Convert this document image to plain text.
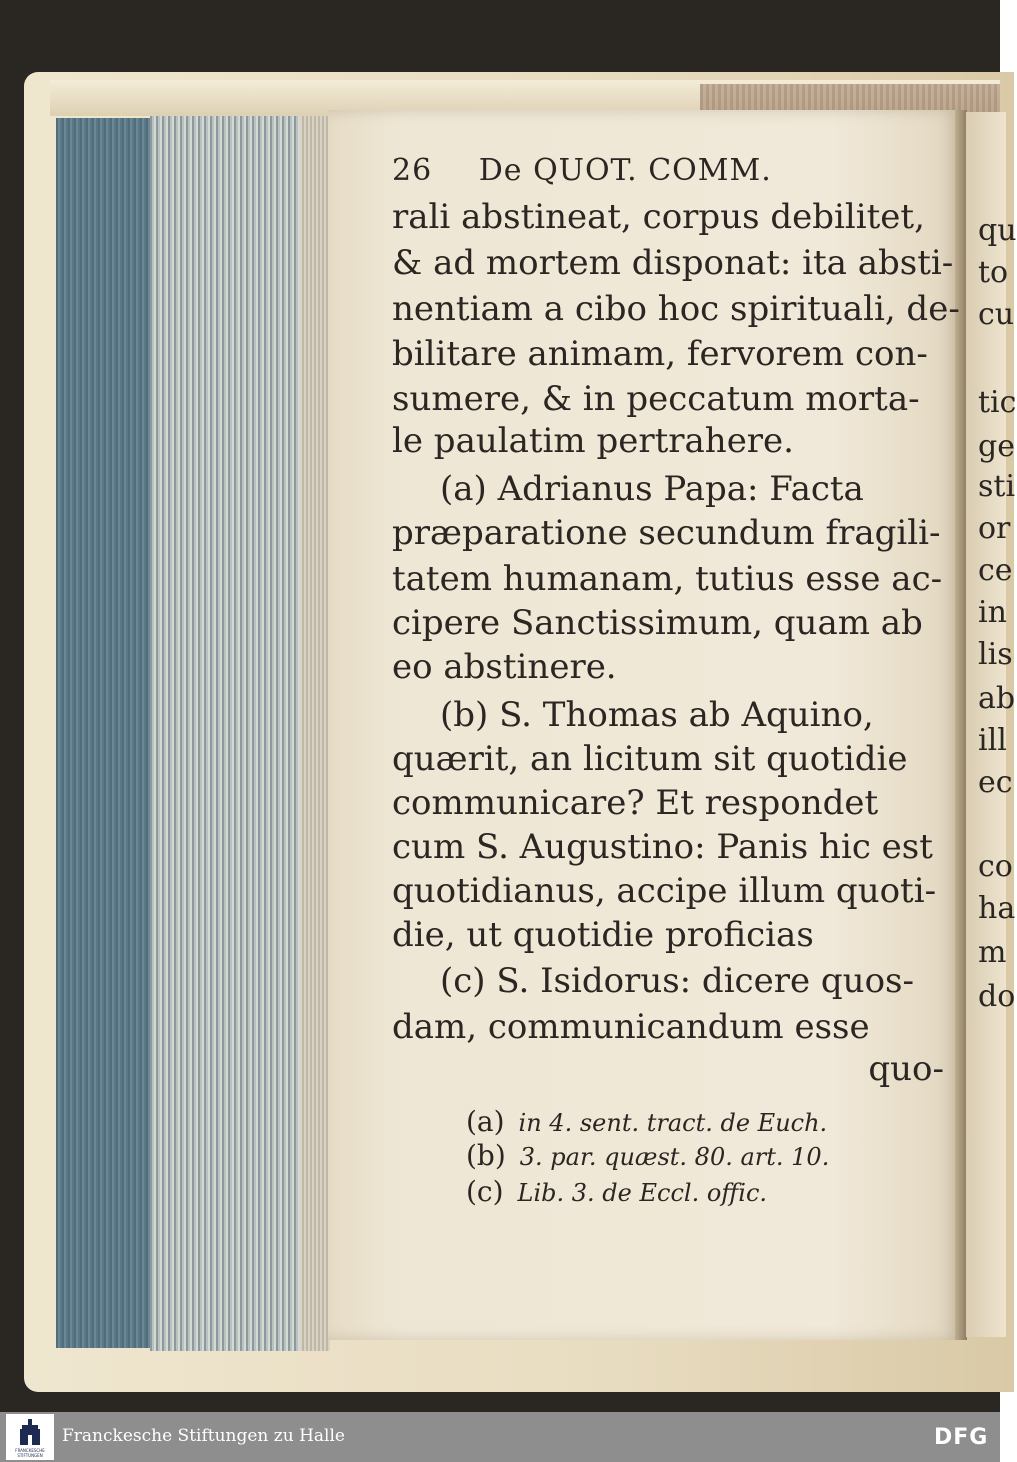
26 De QUOT. COMM.
rali abstineat, corpus debilitet,
& ad mortem disponat: ita absti-
nentiam a cibo hoc spirituali, de-
bilitare animam, fervorem con-
sumere, & in peccatum morta-
le paulatim pertrahere.
(a) Adrianus Papa: Facta
præparatione secundum fragili-
tatem humanam, tutius esse ac-
cipere Sanctissimum, quam ab
eo abstinere.
(b) S. Thomas ab Aquino,
quærit, an licitum sit quotidie
communicare? Et respondet
cum S. Augustino: Panis hic est
quotidianus, accipe illum quoti-
die, ut quotidie proficias
(c) S. Isidorus: dicere quos-
dam, communicandum esse
quo-
(a) in 4. sent. tract. de Euch.
(b) 3. par. quæst. 80. art. 10.
(c) Lib. 3. de Eccl. offic.
qu
to
cu
tic
ge
sti
or
ce
in
lis
ab
ill
ec
co
ha
m
do
FRANCKESCHE
STIFTUNGEN
Franckesche Stiftungen zu Halle	DFG
